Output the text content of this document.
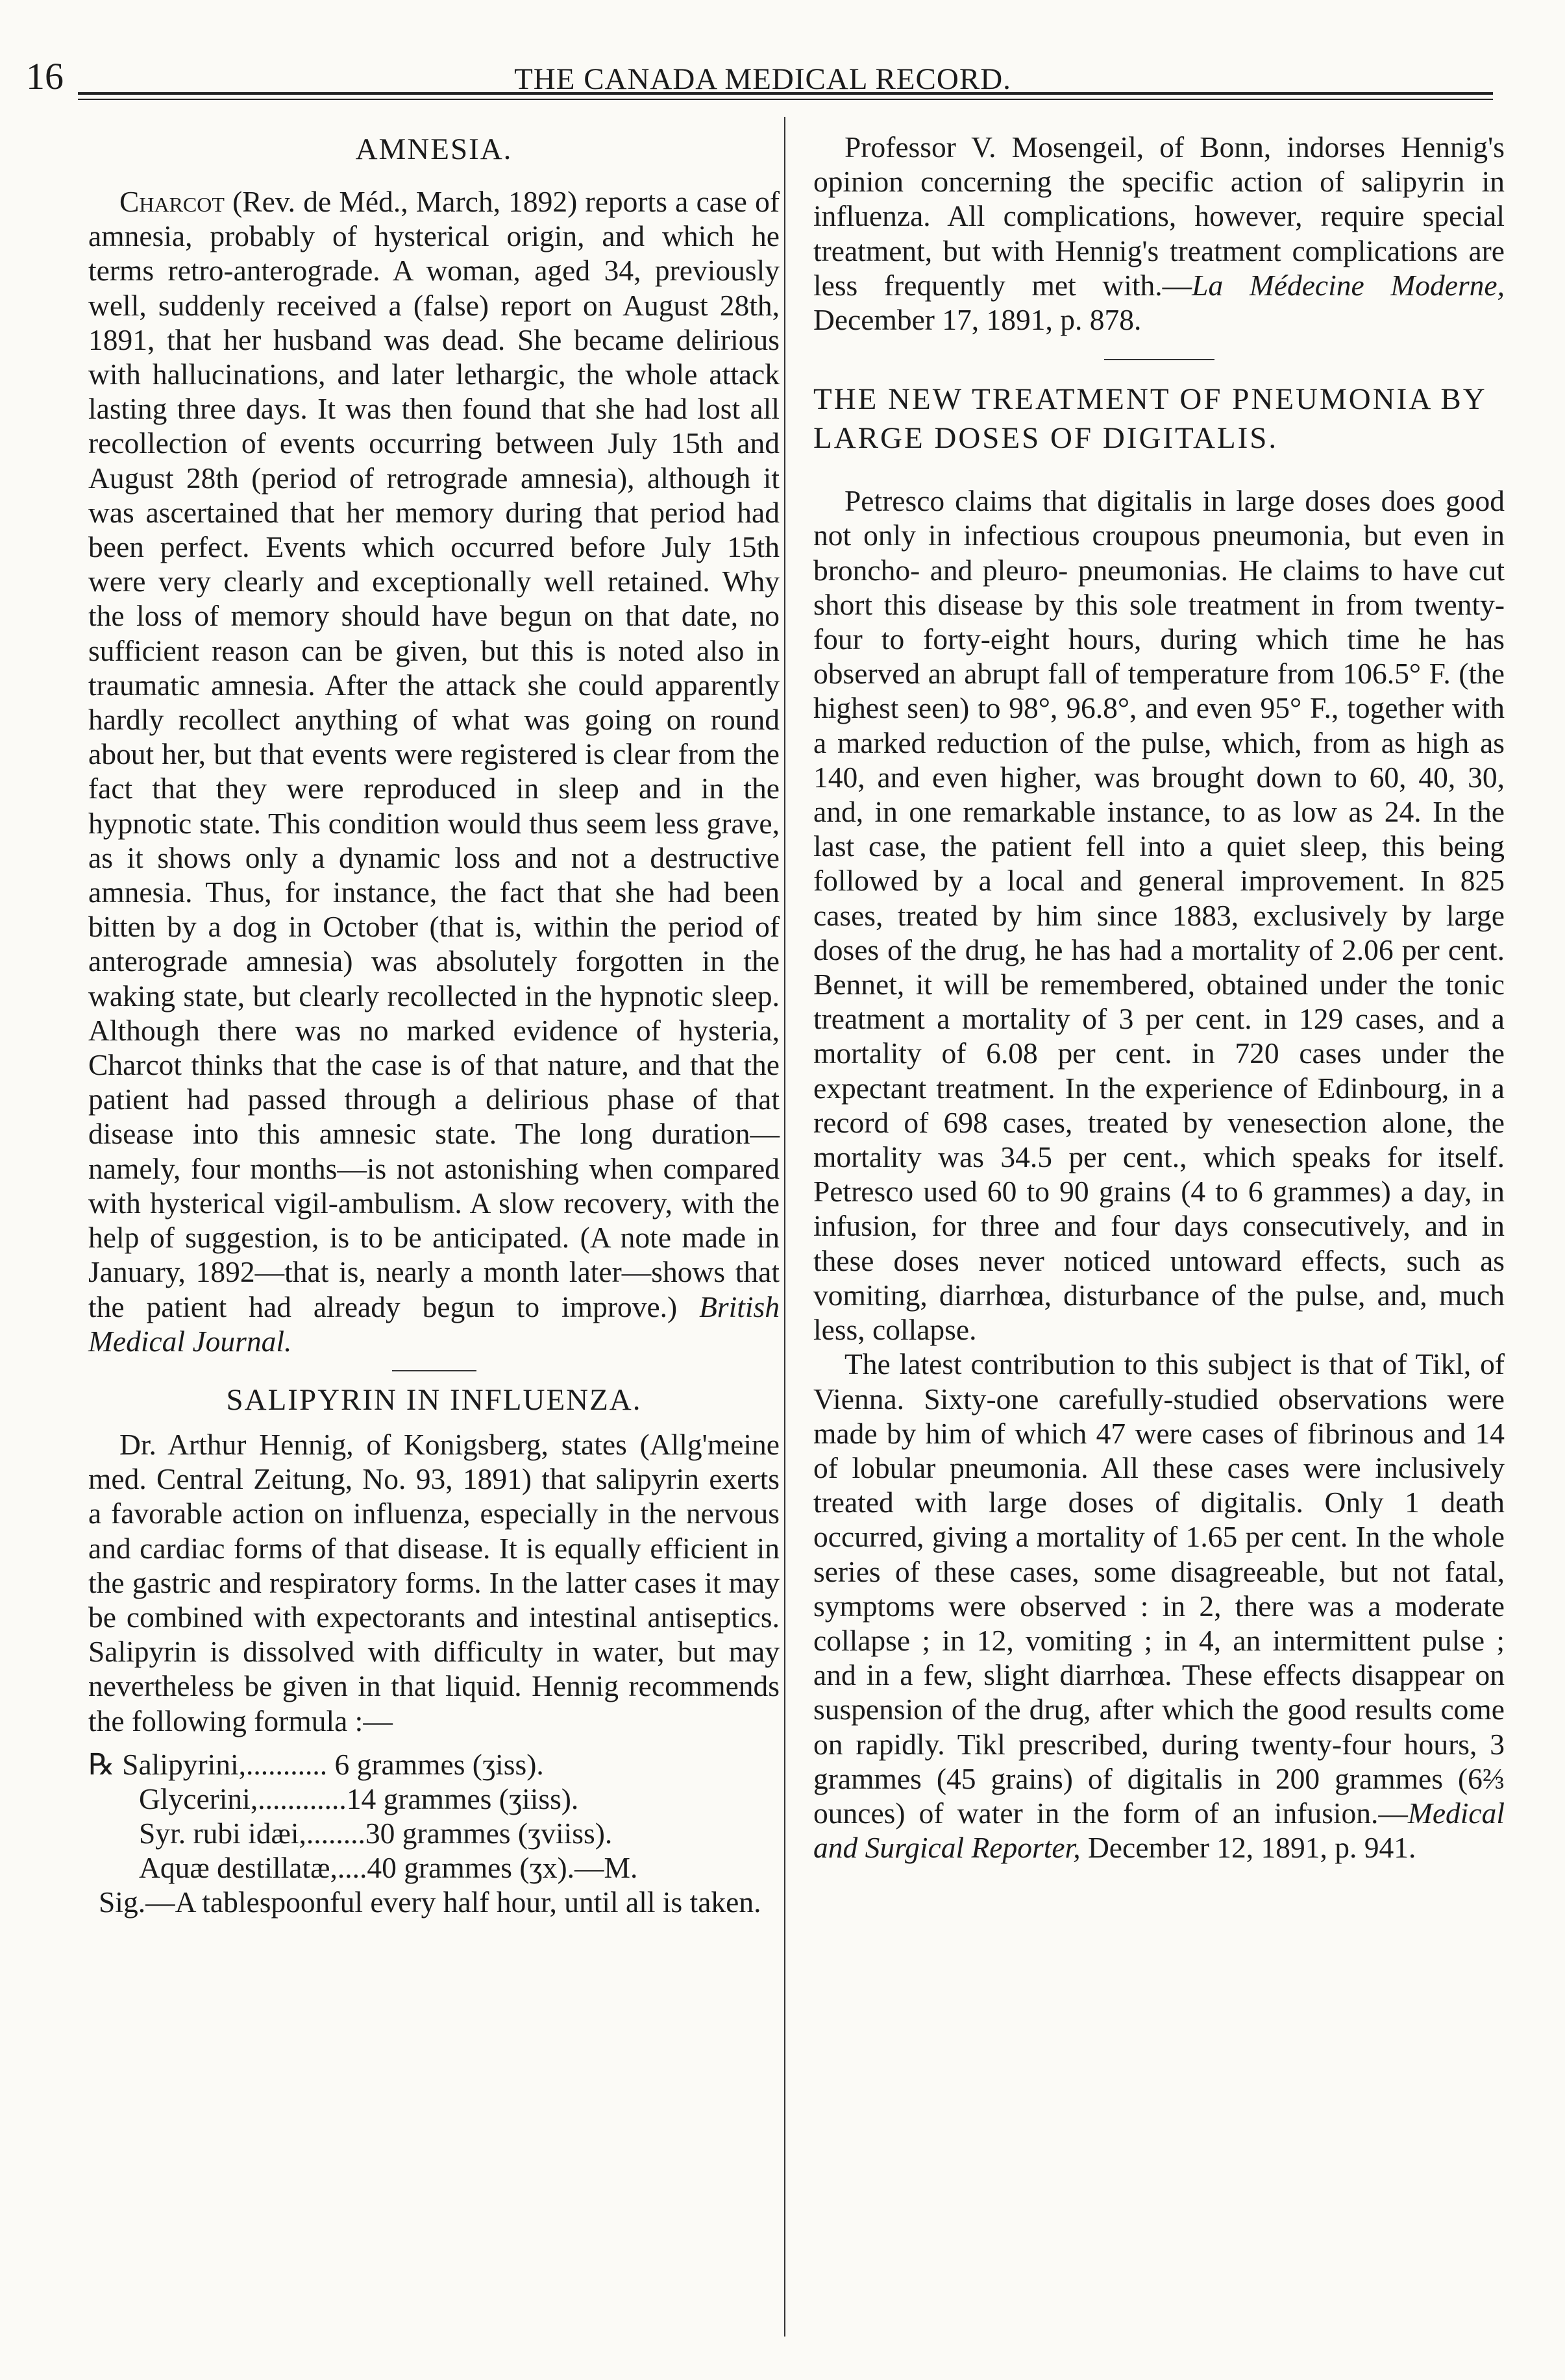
16	THE CANADA MEDICAL RECORD.
AMNESIA.

Charcot (Rev. de Méd., March, 1892) reports a case of amnesia, probably of hysterical origin, and which he terms retro-anterograde. A woman, aged 34, previously well, suddenly received a (false) report on August 28th, 1891, that her husband was dead. She became delirious with hallucinations, and later lethargic, the whole attack lasting three days. It was then found that she had lost all recollection of events occurring between July 15th and August 28th (period of retrograde amnesia), although it was ascertained that her memory during that period had been perfect. Events which occurred before July 15th were very clearly and exceptionally well retained. Why the loss of memory should have begun on that date, no sufficient reason can be given, but this is noted also in traumatic amnesia. After the attack she could apparently hardly recollect anything of what was going on round about her, but that events were registered is clear from the fact that they were reproduced in sleep and in the hypnotic state. This condition would thus seem less grave, as it shows only a dynamic loss and not a destructive amnesia. Thus, for instance, the fact that she had been bitten by a dog in October (that is, within the period of anterograde amnesia) was absolutely forgotten in the waking state, but clearly recollected in the hypnotic sleep. Although there was no marked evidence of hysteria, Charcot thinks that the case is of that nature, and that the patient had passed through a delirious phase of that disease into this amnesic state. The long duration—namely, four months—is not astonishing when compared with hysterical vigil-ambulism. A slow recovery, with the help of suggestion, is to be anticipated. (A note made in January, 1892—that is, nearly a month later—shows that the patient had already begun to improve.) British Medical Journal.

SALIPYRIN IN INFLUENZA.

Dr. Arthur Hennig, of Konigsberg, states (Allg'meine med. Central Zeitung, No. 93, 1891) that salipyrin exerts a favorable action on influenza, especially in the nervous and cardiac forms of that disease. It is equally efficient in the gastric and respiratory forms. In the latter cases it may be combined with expectorants and intestinal antiseptics. Salipyrin is dissolved with difficulty in water, but may nevertheless be given in that liquid. Hennig recommends the following formula :—

℞ Salipyrini,........... 6 grammes (ʒiss).
Glycerini,............14 grammes (ʒiiss).
Syr. rubi idæi,........30 grammes (ʒviiss).
Aquæ destillatæ,....40 grammes (ʒx).—M.
Sig.—A tablespoonful every half hour, until all is taken.

Professor V. Mosengeil, of Bonn, indorses Hennig's opinion concerning the specific action of salipyrin in influenza. All complications, however, require special treatment, but with Hennig's treatment complications are less frequently met with.—La Médecine Moderne, December 17, 1891, p. 878.

THE NEW TREATMENT OF PNEUMONIA BY LARGE DOSES OF DIGITALIS.

Petresco claims that digitalis in large doses does good not only in infectious croupous pneumonia, but even in broncho- and pleuro- pneumonias. He claims to have cut short this disease by this sole treatment in from twenty-four to forty-eight hours, during which time he has observed an abrupt fall of temperature from 106.5° F. (the highest seen) to 98°, 96.8°, and even 95° F., together with a marked reduction of the pulse, which, from as high as 140, and even higher, was brought down to 60, 40, 30, and, in one remarkable instance, to as low as 24. In the last case, the patient fell into a quiet sleep, this being followed by a local and general improvement. In 825 cases, treated by him since 1883, exclusively by large doses of the drug, he has had a mortality of 2.06 per cent. Bennet, it will be remembered, obtained under the tonic treatment a mortality of 3 per cent. in 129 cases, and a mortality of 6.08 per cent. in 720 cases under the expectant treatment. In the experience of Edinbourg, in a record of 698 cases, treated by venesection alone, the mortality was 34.5 per cent., which speaks for itself. Petresco used 60 to 90 grains (4 to 6 grammes) a day, in infusion, for three and four days consecutively, and in these doses never noticed untoward effects, such as vomiting, diarrhœa, disturbance of the pulse, and, much less, collapse.

The latest contribution to this subject is that of Tikl, of Vienna. Sixty-one carefully-studied observations were made by him of which 47 were cases of fibrinous and 14 of lobular pneumonia. All these cases were inclusively treated with large doses of digitalis. Only 1 death occurred, giving a mortality of 1.65 per cent. In the whole series of these cases, some disagreeable, but not fatal, symptoms were observed : in 2, there was a moderate collapse ; in 12, vomiting ; in 4, an intermittent pulse ; and in a few, slight diarrhœa. These effects disappear on suspension of the drug, after which the good results come on rapidly. Tikl prescribed, during twenty-four hours, 3 grammes (45 grains) of digitalis in 200 grammes (6⅔ ounces) of water in the form of an infusion.—Medical and Surgical Reporter, December 12, 1891, p. 941.
